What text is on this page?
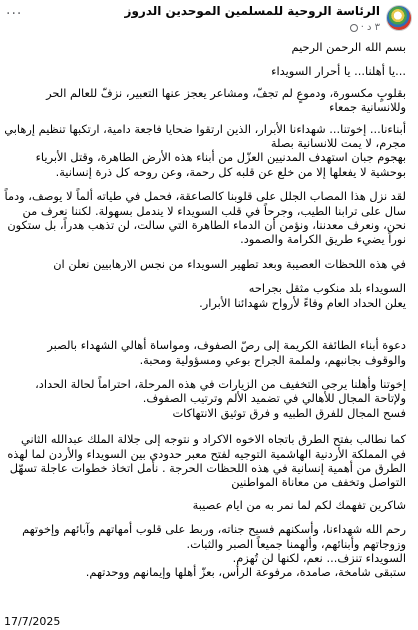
الرئاسة الروحية للمسلمين الموحدين الدروز
٣ د
·
···

بسم الله الرحمن الرحيم

...يا أهلنا... يا أحرار السويداء

بقلوبٍ مكسورة، ودموعٍ لم تجفّ، ومشاعر يعجز عنها التعبير، نزفّ للعالم الحر وللانسانية جمعاء

أبناءنا... إخوتنا... شهداءنا الأبرار، الذين ارتقوا ضحايا فاجعة دامية، ارتكبها تنظيم إرهابي مجرم، لا يمت للانسانية بصلة

بهجوم جبان استهدف المدنيين العزّل من أبناء هذه الأرض الطاهرة، وقتل الأبرياء بوحشية لا يفعلها إلا من خلع عن قلبه كل رحمة، وعن روحه كل ذرة إنسانية.

لقد نزل هذا المصاب الجلل على قلوبنا كالصاعقة، فحمل في طياته ألماً لا يوصف، ودماً سال على ترابنا الطيب، وجرحاً في قلب السويداء لا يندمل بسهولة. لكننا نعرف من نحن، ونعرف معدننا، ونؤمن أن الدماء الطاهرة التي سالت، لن تذهب هدراً، بل ستكون نوراً يضيء طريق الكرامة والصمود.

في هذه اللحظات العصيبة وبعد تطهير السويداء من نجس الارهابيين نعلن ان

السويداء بلد منكوب مثقل بجراحه

يعلن الحداد العام وفاءً لأرواح شهدائنا الأبرار.

دعوة أبناء الطائفة الكريمة إلى رصّ الصفوف، ومواساة أهالي الشهداء بالصبر والوقوف بجانبهم، ولملمة الجراح بوعي ومسؤولية ومحبة.

إخوتنا وأهلنا يرجى التخفيف من الزيارات في هذه المرحلة، احتراماً لحالة الحداد، ولإتاحة المجال للأهالي في تضميد الألم وترتيب الصفوف.

فسح المجال للفرق الطبيه و فرق توثيق الانتهاكات

كما نطالب بفتح الطرق باتجاه الاخوه الاكراد و نتوجه إلى جلالة الملك عبدالله الثاني في المملكة الأردنية الهاشمية التوجيه لفتح معبر حدودي بين السويداء والأردن لما لهذه الطرق من أهمية إنسانية في هذه اللحظات الحرجة . نأمل اتخاذ خطوات عاجلة تسهّل التواصل وتخفف من معاناة المواطنين

شاكرين تفهمك لكم لما نمر به من ايام عصيبة

رحم الله شهداءنا، وأسكنهم فسيح جناته، وربط على قلوب أمهاتهم وآبائهم وإخوتهم وزوجاتهم وأبنائهم، وألهمنا جميعاً الصبر والثبات.

السويداء تنزف... نعم، لكنها لن تُهزم.

ستبقى شامخة، صامدة، مرفوعة الرأس، بعزّ أهلها وإيمانهم ووحدتهم.

17/7/2025
